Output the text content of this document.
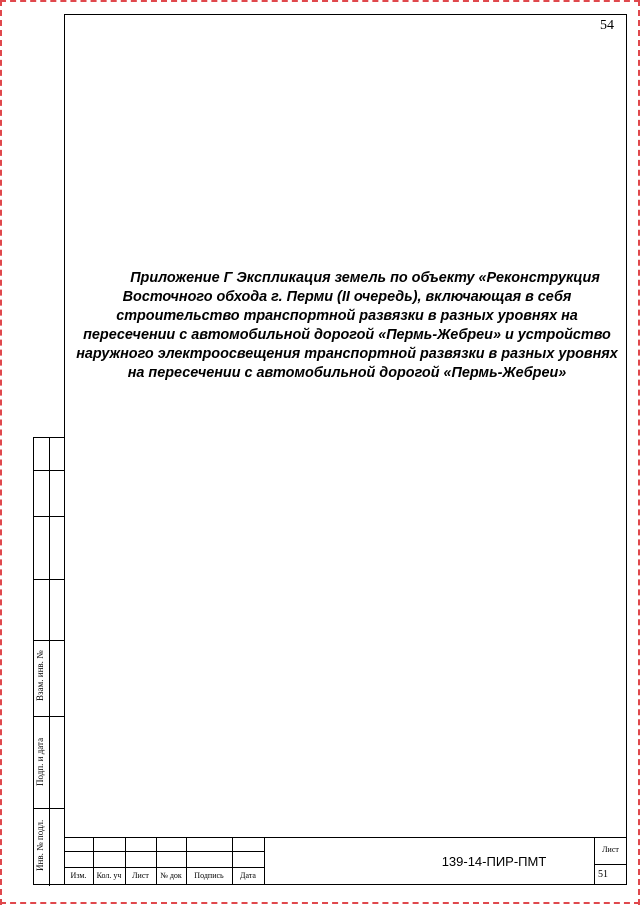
54
Приложение Г Экспликация земель по объекту «Реконструкция Восточного обхода г. Перми (II очередь), включающая в себя строительство транспортной развязки в разных уровнях на пересечении с автомобильной дорогой «Пермь-Жебреи» и устройство наружного электроосвещения транспортной развязки в разных уровнях на пересечении с автомобильной дорогой «Пермь-Жебреи»
Взам. инв. №
Подп. и дата
Инв. № подл.
Изм.	Кол. уч	Лист	№ док	Подпись	Дата
139-14-ПИР-ПМТ
Лист
51
